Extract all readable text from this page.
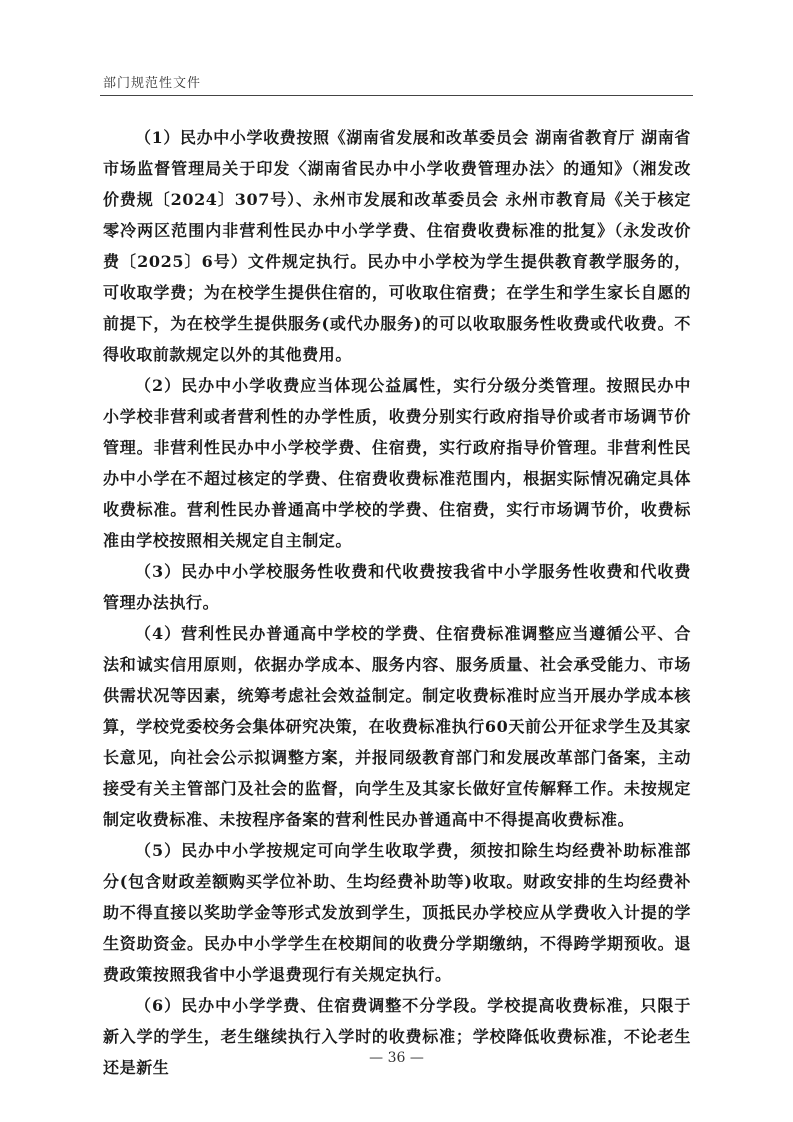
部门规范性文件

（1）民办中小学收费按照《湖南省发展和改革委员会 湖南省教育厅 湖南省市场监督管理局关于印发〈湖南省民办中小学收费管理办法〉的通知》（湘发改价费规〔2024〕307号）、永州市发展和改革委员会 永州市教育局《关于核定零冷两区范围内非营利性民办中小学学费、住宿费收费标准的批复》（永发改价费〔2025〕6号）文件规定执行。民办中小学校为学生提供教育教学服务的，可收取学费；为在校学生提供住宿的，可收取住宿费；在学生和学生家长自愿的前提下，为在校学生提供服务(或代办服务)的可以收取服务性收费或代收费。不得收取前款规定以外的其他费用。

（2）民办中小学收费应当体现公益属性，实行分级分类管理。按照民办中小学校非营利或者营利性的办学性质，收费分别实行政府指导价或者市场调节价管理。非营利性民办中小学校学费、住宿费，实行政府指导价管理。非营利性民办中小学在不超过核定的学费、住宿费收费标准范围内，根据实际情况确定具体收费标准。营利性民办普通高中学校的学费、住宿费，实行市场调节价，收费标准由学校按照相关规定自主制定。

（3）民办中小学校服务性收费和代收费按我省中小学服务性收费和代收费管理办法执行。

（4）营利性民办普通高中学校的学费、住宿费标准调整应当遵循公平、合法和诚实信用原则，依据办学成本、服务内容、服务质量、社会承受能力、市场供需状况等因素，统筹考虑社会效益制定。制定收费标准时应当开展办学成本核算，学校党委校务会集体研究决策，在收费标准执行60天前公开征求学生及其家长意见，向社会公示拟调整方案，并报同级教育部门和发展改革部门备案，主动接受有关主管部门及社会的监督，向学生及其家长做好宣传解释工作。未按规定制定收费标准、未按程序备案的营利性民办普通高中不得提高收费标准。

（5）民办中小学按规定可向学生收取学费，须按扣除生均经费补助标准部分(包含财政差额购买学位补助、生均经费补助等)收取。财政安排的生均经费补助不得直接以奖助学金等形式发放到学生，顶抵民办学校应从学费收入计提的学生资助资金。民办中小学学生在校期间的收费分学期缴纳，不得跨学期预收。退费政策按照我省中小学退费现行有关规定执行。

（6）民办中小学学费、住宿费调整不分学段。学校提高收费标准，只限于新入学的学生，老生继续执行入学时的收费标准；学校降低收费标准，不论老生还是新生	— 36 —
